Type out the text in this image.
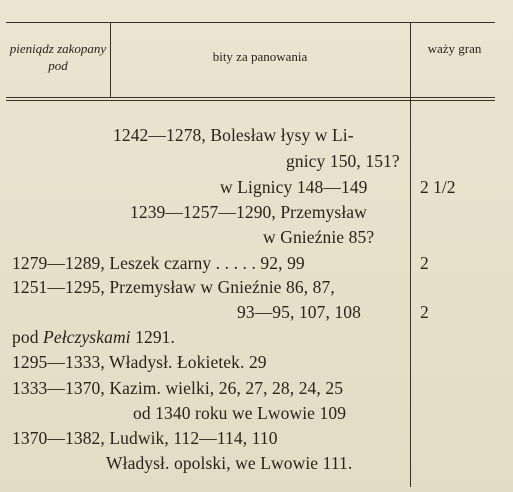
pieniądz zakopany pod
bity za panowania
waży gran
1242—1278, Bolesław łysy w Li-
gnicy 150, 151?
w Lignicy 148—149
1239—1257—1290, Przemysław
w Gnieźnie 85?
1279—1289, Leszek czarny . . . . . 92, 99
1251—1295, Przemysław w Gnieźnie 86, 87,
93—95, 107, 108
pod Pełczyskami 1291.
1295—1333, Władysł. Łokietek. 29
1333—1370, Kazim. wielki, 26, 27, 28, 24, 25
od 1340 roku we Lwowie 109
1370—1382, Ludwik, 112—114, 110
Władysł. opolski, we Lwowie 111.
2 1/2
2
2
